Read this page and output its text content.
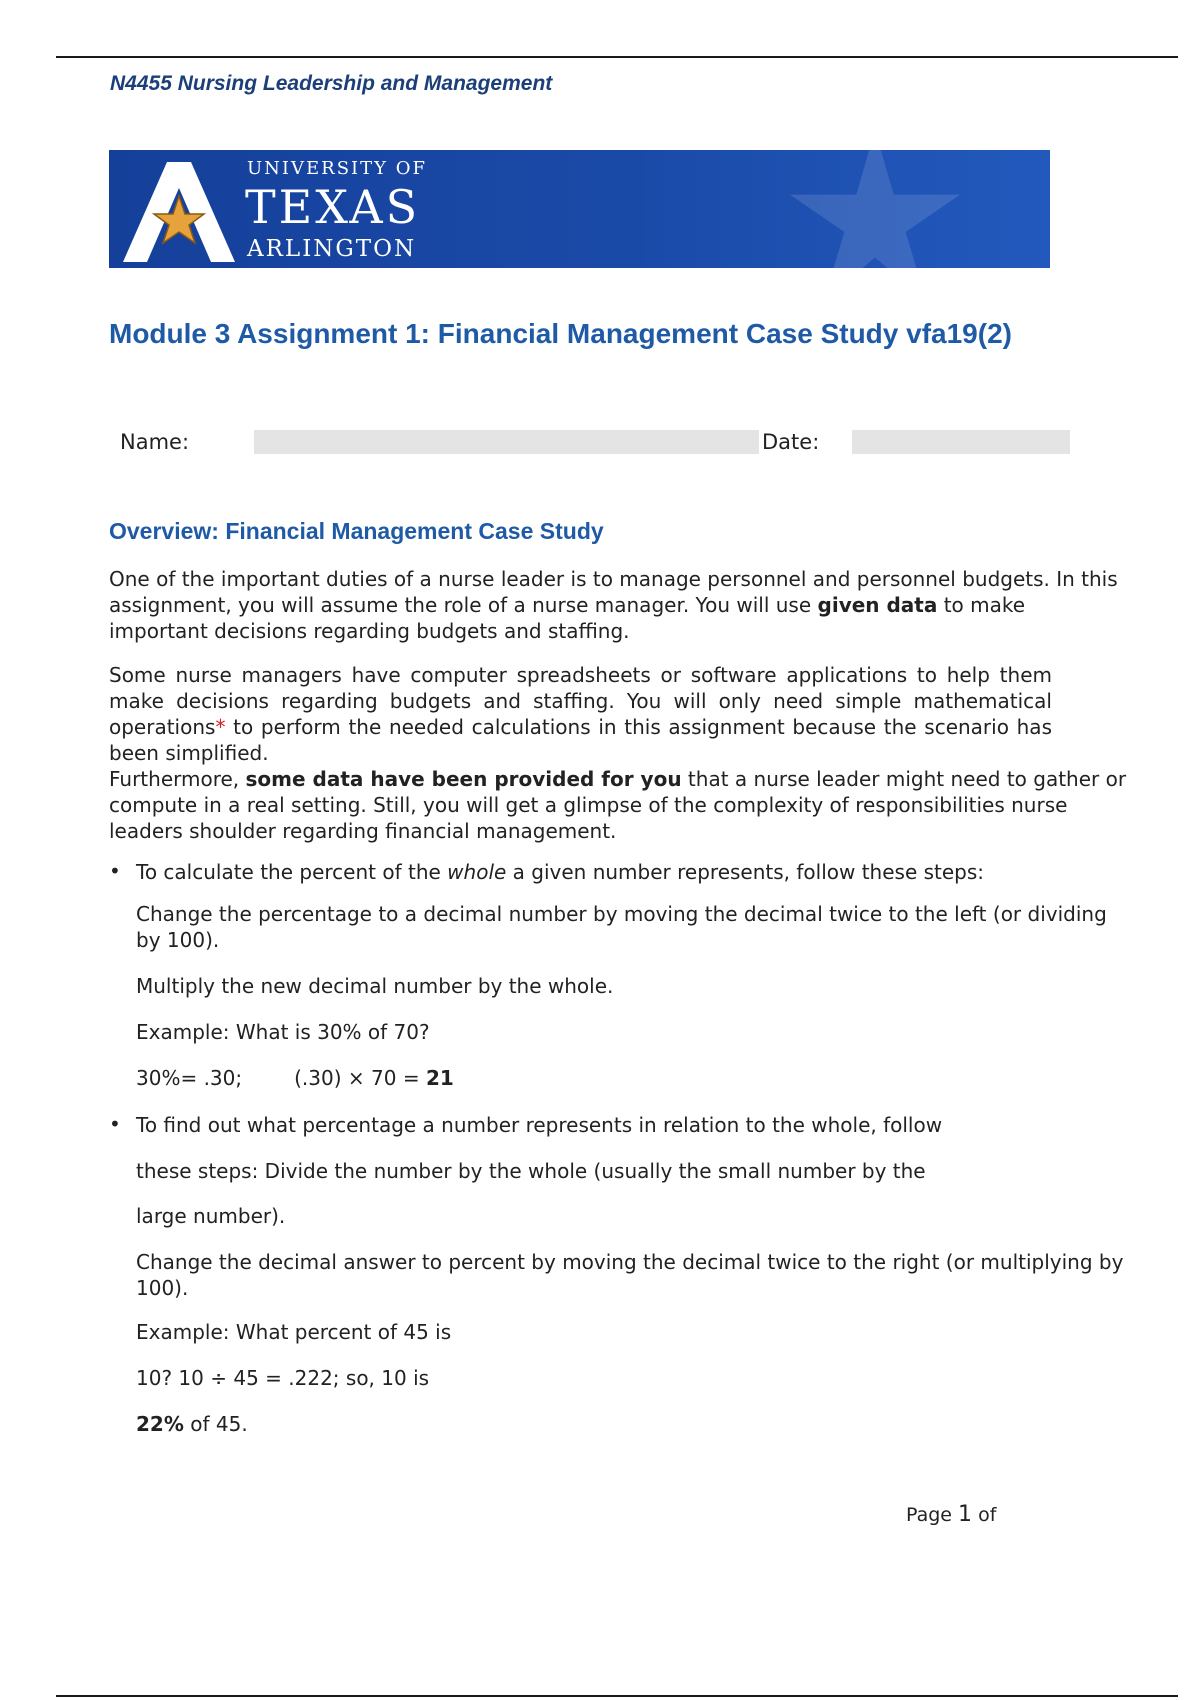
N4455 Nursing Leadership and Management
UNIVERSITY OF
TEXAS
ARLINGTON
Module 3 Assignment 1: Financial Management Case Study vfa19(2)
Name:	Date:
Overview: Financial Management Case Study
One of the important duties of a nurse leader is to manage personnel and personnel budgets. In this assignment, you will assume the role of a nurse manager. You will use given data to make important decisions regarding budgets and staffing.
Some nurse managers have computer spreadsheets or software applications to help them make decisions regarding budgets and staffing. You will only need simple mathematical operations* to perform the needed calculations in this assignment because the scenario has been simplified.
Furthermore, some data have been provided for you that a nurse leader might need to gather or compute in a real setting. Still, you will get a glimpse of the complexity of responsibilities nurse leaders shoulder regarding financial management.
• To calculate the percent of the whole a given number represents, follow these steps:
Change the percentage to a decimal number by moving the decimal twice to the left (or dividing by 100).
Multiply the new decimal number by the whole.
Example: What is 30% of 70?
30%= .30;	(.30) × 70 = 21
• To find out what percentage a number represents in relation to the whole, follow
these steps: Divide the number by the whole (usually the small number by the
large number).
Change the decimal answer to percent by moving the decimal twice to the right (or multiplying by 100).
Example: What percent of 45 is
10? 10 ÷ 45 = .222; so, 10 is
22% of 45.
Page 1 of
